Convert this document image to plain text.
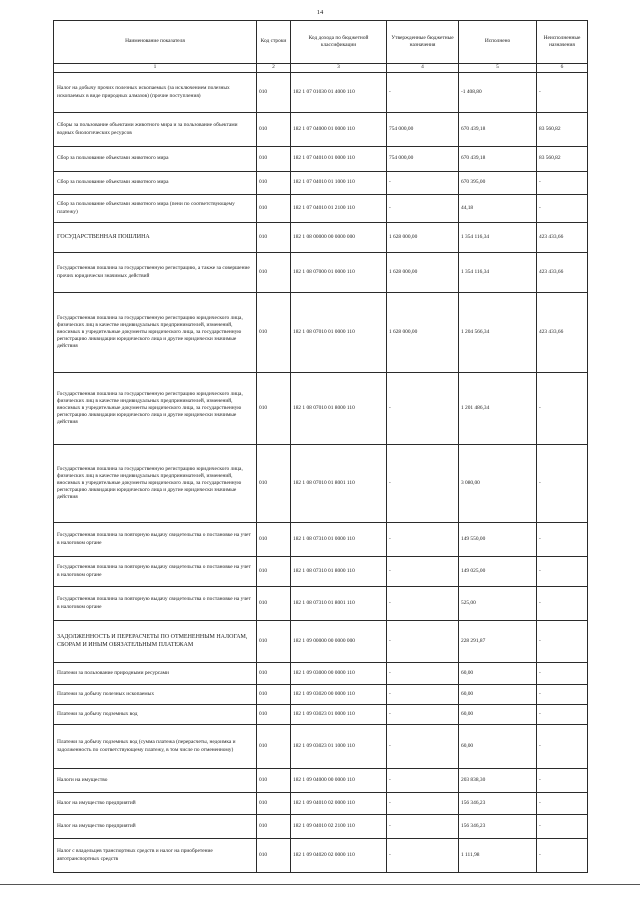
14
Наименование показателя	Код строки	Код дохода по бюджетной классификации	Утвержденные бюджетные назначения	Исполнено	Неисполненные назначения
1	2	3	4	5	6
Налог на добычу прочих полезных ископаемых (за исключением полезных ископаемых в виде природных алмазов) (прочие поступления)	010	182 1 07 01030 01 4000 110	-	-1 408,80	-
Сборы за пользование объектами животного мира и за пользование объектами водных биологических ресурсов	010	182 1 07 04000 01 0000 110	754 000,00	670 439,18	83 560,82
Сбор за пользование объектами животного мира	010	182 1 07 04010 01 0000 110	754 000,00	670 439,18	83 560,82
Сбор за пользование объектами животного мира	010	182 1 07 04010 01 1000 110	-	670 395,00	-
Сбор за пользование объектами животного мира (пени по соответствующему платежу)	010	182 1 07 04010 01 2100 110	-	44,18	-
ГОСУДАРСТВЕННАЯ ПОШЛИНА	010	182 1 08 00000 00 0000 000	1 628 000,00	1 354 116,34	423 433,66
Государственная пошлина за государственную регистрацию, а также за совершение прочих юридически значимых действий	010	182 1 08 07000 01 0000 110	1 628 000,00	1 354 116,34	423 433,66
Государственная пошлина за государственную регистрацию юридического лица, физических лиц в качестве индивидуальных предпринимателей, изменений, вносимых в учредительные документы юридического лица, за государственную регистрацию ликвидации юридического лица и другие юридически значимые действия	010	182 1 08 07010 01 0000 110	1 628 000,00	1 204 566,34	423 433,66
Государственная пошлина за государственную регистрацию юридического лица, физических лиц в качестве индивидуальных предпринимателей, изменений, вносимых в учредительные документы юридического лица, за государственную регистрацию ликвидации юридического лица и другие юридически значимые действия	010	182 1 08 07010 01 8000 110	-	1 201 486,34	-
Государственная пошлина за государственную регистрацию юридического лица, физических лиц в качестве индивидуальных предпринимателей, изменений, вносимых в учредительные документы юридического лица, за государственную регистрацию ликвидации юридического лица и другие юридически значимые действия	010	182 1 08 07010 01 8001 110	-	3 080,00	-
Государственная пошлина за повторную выдачу свидетельства о постановке на учет в налоговом органе	010	182 1 08 07310 01 0000 110	-	149 550,00	-
Государственная пошлина за повторную выдачу свидетельства о постановке на учет в налоговом органе	010	182 1 08 07310 01 8000 110	-	149 025,00	-
Государственная пошлина за повторную выдачу свидетельства о постановке на учет в налоговом органе	010	182 1 08 07310 01 8001 110	-	525,00	-
ЗАДОЛЖЕННОСТЬ И ПЕРЕРАСЧЕТЫ ПО ОТМЕНЕННЫМ НАЛОГАМ, СБОРАМ И ИНЫМ ОБЯЗАТЕЛЬНЫМ ПЛАТЕЖАМ	010	182 1 09 00000 00 0000 000	-	228 291,87	-
Платежи за пользование природными ресурсами	010	182 1 09 03000 00 0000 110	-	60,00	-
Платежи за добычу полезных ископаемых	010	182 1 09 03020 00 0000 110	-	60,00	-
Платежи за добычу подземных вод	010	182 1 09 03023 01 0000 110	-	60,00	-
Платежи за добычу подземных вод (сумма платежа (перерасчеты, недоимка и задолженность по соответствующему платежу, в том числе по отмененному)	010	182 1 09 03023 01 1000 110	-	60,00	-
Налоги на имущество	010	182 1 09 04000 00 0000 110	-	203 838,30	-
Налог на имущество предприятий	010	182 1 09 04010 02 0000 110	-	156 346,23	-
Налог на имущество предприятий	010	182 1 09 04010 02 2100 110	-	156 346,23	-
Налог с владельцев транспортных средств и налог на приобретение автотранспортных средств	010	182 1 09 04020 02 0000 110	-	1 111,98	-
